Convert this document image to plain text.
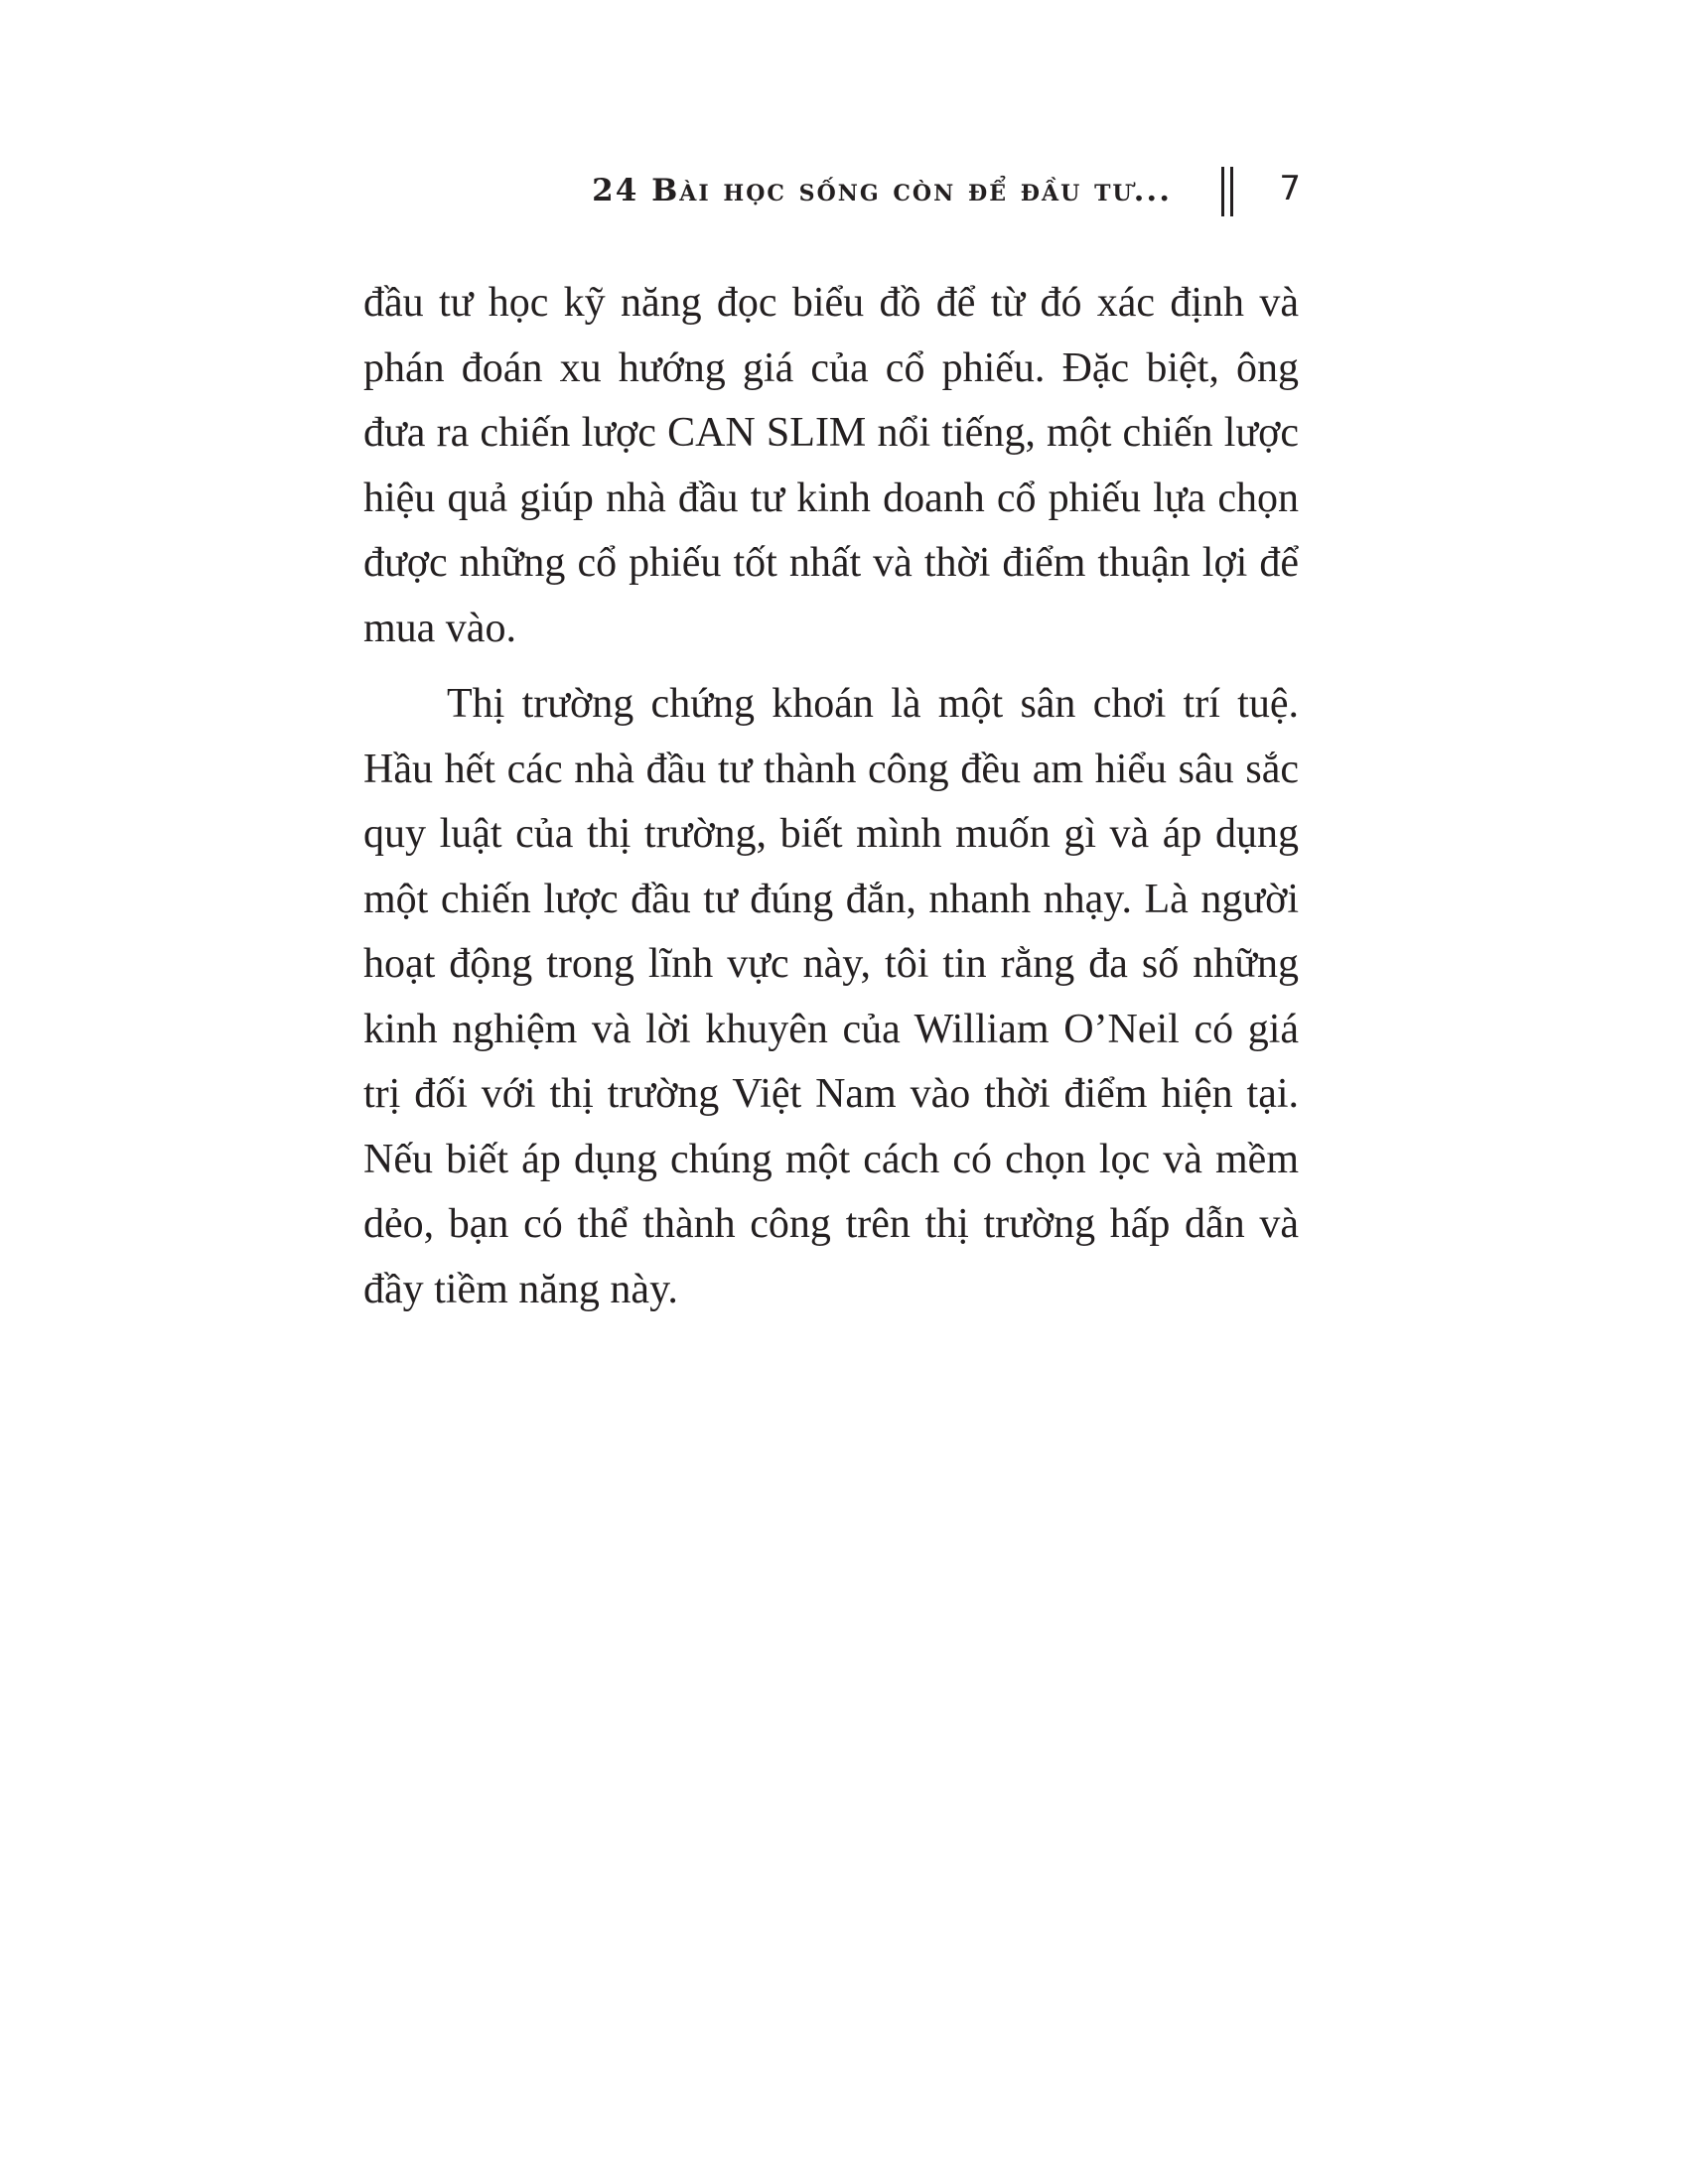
24 Bài học sống còn để đầu tư...	7

đầu tư học kỹ năng đọc biểu đồ để từ đó xác định và phán đoán xu hướng giá của cổ phiếu. Đặc biệt, ông đưa ra chiến lược CAN SLIM nổi tiếng, một chiến lược hiệu quả giúp nhà đầu tư kinh doanh cổ phiếu lựa chọn được những cổ phiếu tốt nhất và thời điểm thuận lợi để mua vào.

Thị trường chứng khoán là một sân chơi trí tuệ. Hầu hết các nhà đầu tư thành công đều am hiểu sâu sắc quy luật của thị trường, biết mình muốn gì và áp dụng một chiến lược đầu tư đúng đắn, nhanh nhạy. Là người hoạt động trong lĩnh vực này, tôi tin rằng đa số những kinh nghiệm và lời khuyên của William O’Neil có giá trị đối với thị trường Việt Nam vào thời điểm hiện tại. Nếu biết áp dụng chúng một cách có chọn lọc và mềm dẻo, bạn có thể thành công trên thị trường hấp dẫn và đầy tiềm năng này.
